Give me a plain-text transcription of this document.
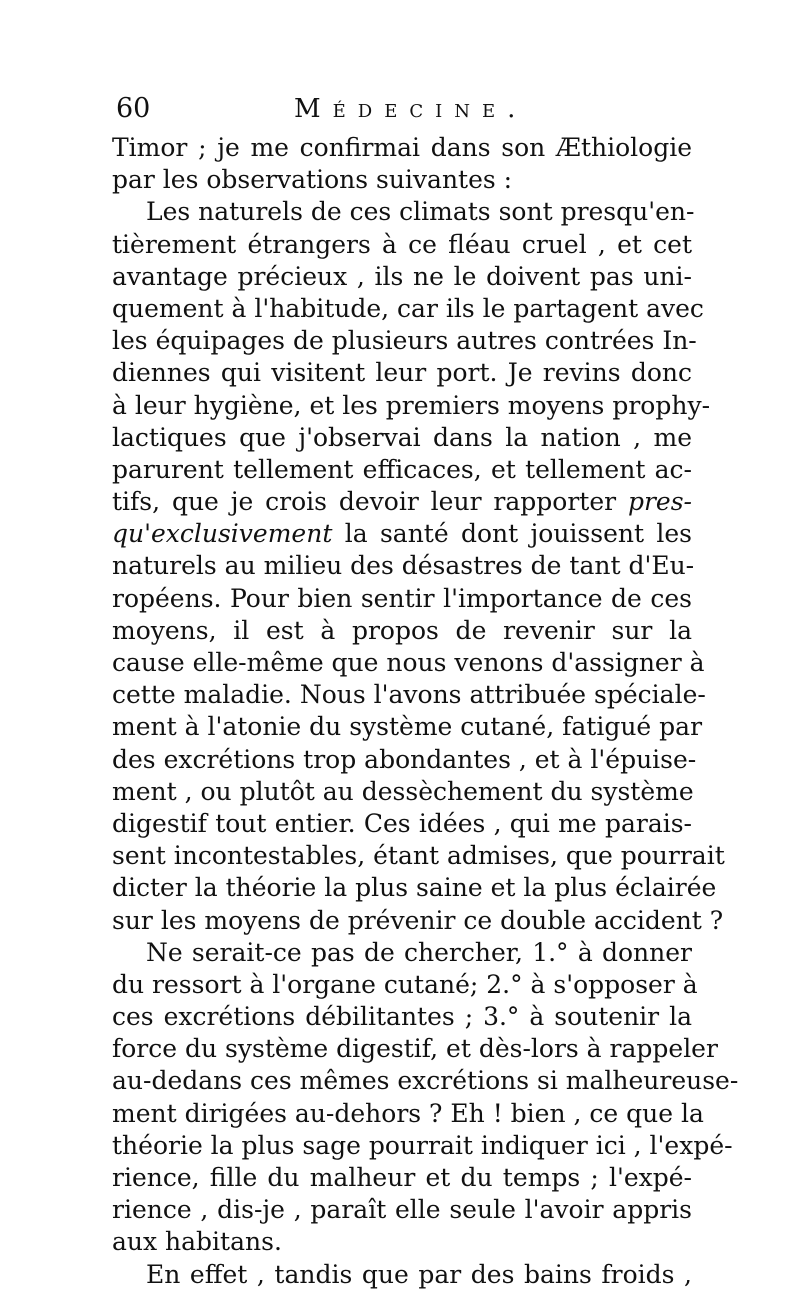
60	Médecine.
Timor ; je me confirmai dans son Æthiologie
par les observations suivantes :
Les naturels de ces climats sont presqu'en-
tièrement étrangers à ce fléau cruel , et cet
avantage précieux , ils ne le doivent pas uni-
quement à l'habitude, car ils le partagent avec
les équipages de plusieurs autres contrées In-
diennes qui visitent leur port. Je revins donc
à leur hygiène, et les premiers moyens prophy-
lactiques que j'observai dans la nation , me
parurent tellement efficaces, et tellement ac-
tifs, que je crois devoir leur rapporter pres-
qu'exclusivement la santé dont jouissent les
naturels au milieu des désastres de tant d'Eu-
ropéens. Pour bien sentir l'importance de ces
moyens, il est à propos de revenir sur la
cause elle-même que nous venons d'assigner à
cette maladie. Nous l'avons attribuée spéciale-
ment à l'atonie du système cutané, fatigué par
des excrétions trop abondantes , et à l'épuise-
ment , ou plutôt au dessèchement du système
digestif tout entier. Ces idées , qui me parais-
sent incontestables, étant admises, que pourrait
dicter la théorie la plus saine et la plus éclairée
sur les moyens de prévenir ce double accident ?
Ne serait-ce pas de chercher, 1.° à donner
du ressort à l'organe cutané; 2.° à s'opposer à
ces excrétions débilitantes ; 3.° à soutenir la
force du système digestif, et dès-lors à rappeler
au-dedans ces mêmes excrétions si malheureuse-
ment dirigées au-dehors ? Eh ! bien , ce que la
théorie la plus sage pourrait indiquer ici , l'expé-
rience, fille du malheur et du temps ; l'expé-
rience , dis-je , paraît elle seule l'avoir appris
aux habitans.
En effet , tandis que par des bains froids ,
